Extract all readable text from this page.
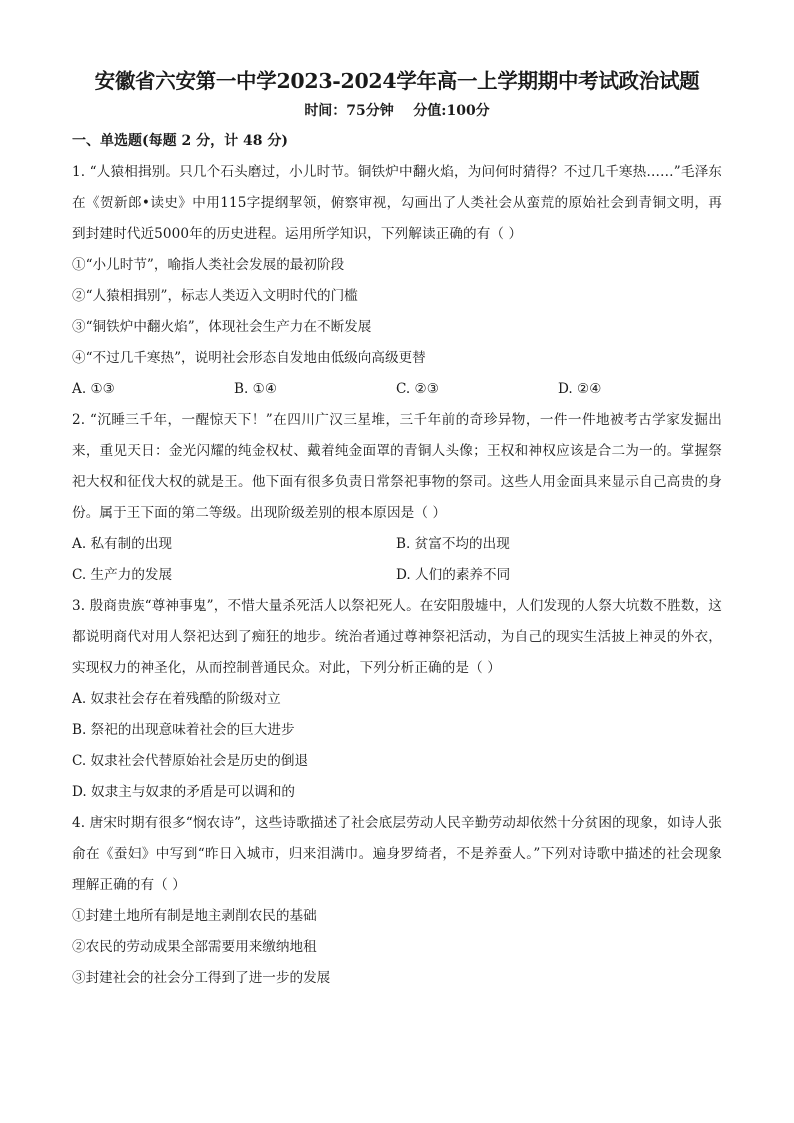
安徽省六安第一中学2023-2024学年高一上学期期中考试政治试题
时间：75分钟    分值:100分
一、单选题(每题 2 分，计 48 分)
1. “人猿相揖别。只几个石头磨过，小儿时节。铜铁炉中翻火焰，为问何时猜得？不过几千寒热……”毛泽东在《贺新郎•读史》中用115字提纲挈领，俯察审视，勾画出了人类社会从蛮荒的原始社会到青铜文明，再到封建时代近5000年的历史进程。运用所学知识，下列解读正确的有（ ）
①“小儿时节”，喻指人类社会发展的最初阶段
②“人猿相揖别”，标志人类迈入文明时代的门槛
③“铜铁炉中翻火焰”，体现社会生产力在不断发展
④“不过几千寒热”，说明社会形态自发地由低级向高级更替
A. ①③	B. ①④	C. ②③	D. ②④
2. “沉睡三千年，一醒惊天下！”在四川广汉三星堆，三千年前的奇珍异物，一件一件地被考古学家发掘出来，重见天日：金光闪耀的纯金权杖、戴着纯金面罩的青铜人头像；王权和神权应该是合二为一的。掌握祭祀大权和征伐大权的就是王。他下面有很多负责日常祭祀事物的祭司。这些人用金面具来显示自己高贵的身份。属于王下面的第二等级。出现阶级差别的根本原因是（ ）
A. 私有制的出现	B. 贫富不均的出现
C. 生产力的发展	D. 人们的素养不同
3. 殷商贵族“尊神事鬼”，不惜大量杀死活人以祭祀死人。在安阳殷墟中，人们发现的人祭大坑数不胜数，这都说明商代对用人祭祀达到了痴狂的地步。统治者通过尊神祭祀活动，为自己的现实生活披上神灵的外衣，实现权力的神圣化，从而控制普通民众。对此，下列分析正确的是（ ）
A. 奴隶社会存在着残酷的阶级对立
B. 祭祀的出现意味着社会的巨大进步
C. 奴隶社会代替原始社会是历史的倒退
D. 奴隶主与奴隶的矛盾是可以调和的
4. 唐宋时期有很多“悯农诗”，这些诗歌描述了社会底层劳动人民辛勤劳动却依然十分贫困的现象，如诗人张俞在《蚕妇》中写到“昨日入城市，归来泪满巾。遍身罗绮者，不是养蚕人。”下列对诗歌中描述的社会现象理解正确的有（ ）
①封建土地所有制是地主剥削农民的基础
②农民的劳动成果全部需要用来缴纳地租
③封建社会的社会分工得到了进一步的发展
